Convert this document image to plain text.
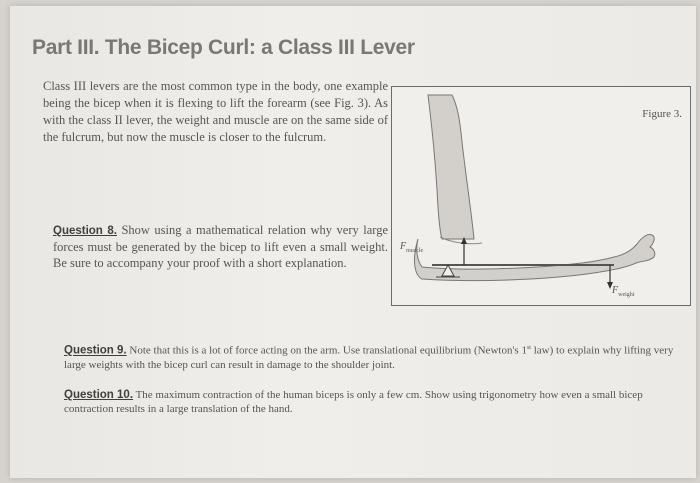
Part III. The Bicep Curl: a Class III Lever

Class III levers are the most common type in the body, one example being the bicep when it is flexing to lift the forearm (see Fig. 3). As with the class II lever, the weight and muscle are on the same side of the fulcrum, but now the muscle is closer to the fulcrum.

Question 8. Show using a mathematical relation why very large forces must be generated by the bicep to lift even a small weight. Be sure to accompany your proof with a short explanation.

Figure 3.
$F_{muscle}$
$F_{weight}$

Question 9. Note that this is a lot of force acting on the arm. Use translational equilibrium (Newton's 1st law) to explain why lifting very large weights with the bicep curl can result in damage to the shoulder joint.

Question 10. The maximum contraction of the human biceps is only a few cm. Show using trigonometry how even a small bicep contraction results in a large translation of the hand.
